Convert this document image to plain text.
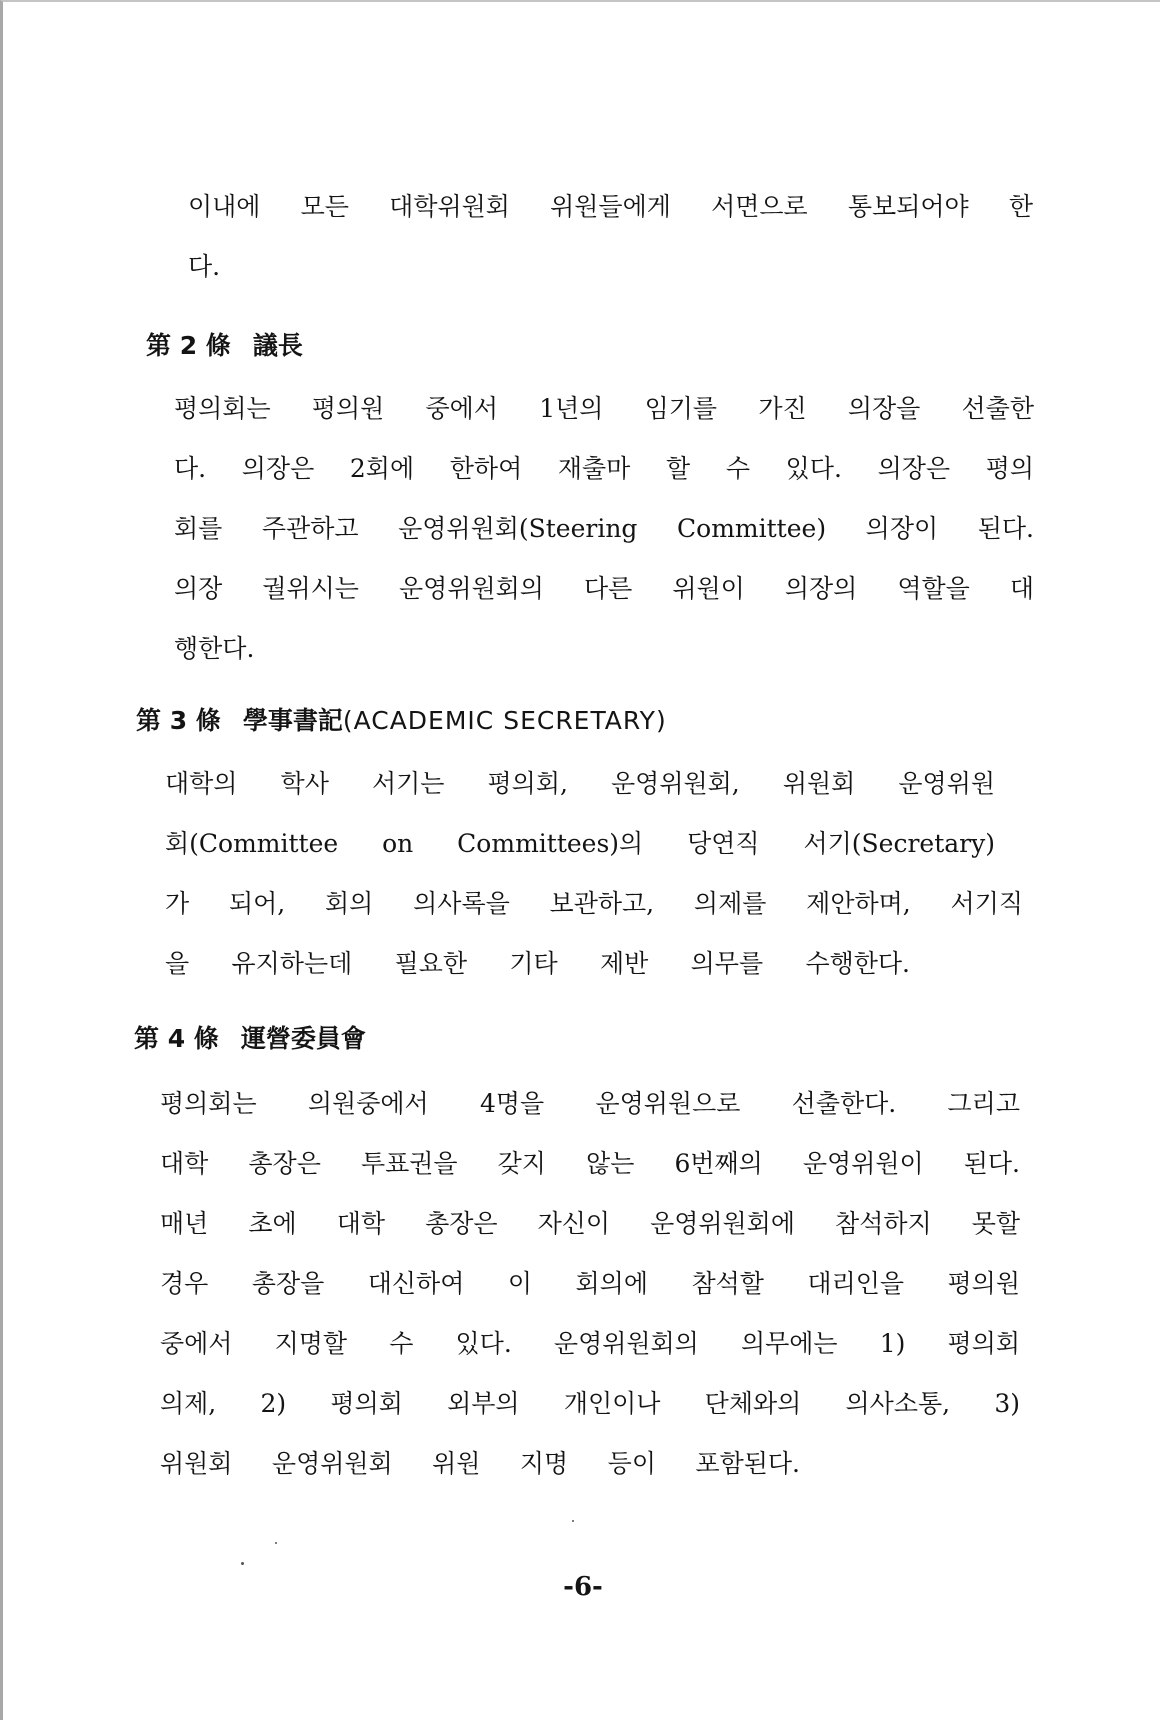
이내에 모든 대학위원회 위원들에게 서면으로 통보되어야 한
다.
第 2 條 議長
평의회는 평의원 중에서 1년의 임기를 가진 의장을 선출한
다. 의장은 2회에 한하여 재출마 할 수 있다. 의장은 평의
회를 주관하고 운영위원회(Steering Committee) 의장이 된다.
의장 궐위시는 운영위원회의 다른 위원이 의장의 역할을 대
행한다.
第 3 條 學事書記(ACADEMIC SECRETARY)
대학의 학사 서기는 평의회, 운영위원회, 위원회 운영위원
회(Committee on Committees)의 당연직 서기(Secretary)
가 되어, 회의 의사록을 보관하고, 의제를 제안하며, 서기직
을 유지하는데 필요한 기타 제반 의무를 수행한다.
第 4 條 運營委員會
평의회는 의원중에서 4명을 운영위원으로 선출한다. 그리고
대학 총장은 투표권을 갖지 않는 6번째의 운영위원이 된다.
매년 초에 대학 총장은 자신이 운영위원회에 참석하지 못할
경우 총장을 대신하여 이 회의에 참석할 대리인을 평의원
중에서 지명할 수 있다. 운영위원회의 의무에는 1) 평의회
의제, 2) 평의회 외부의 개인이나 단체와의 의사소통, 3)
위원회 운영위원회 위원 지명 등이 포함된다.
-6-
